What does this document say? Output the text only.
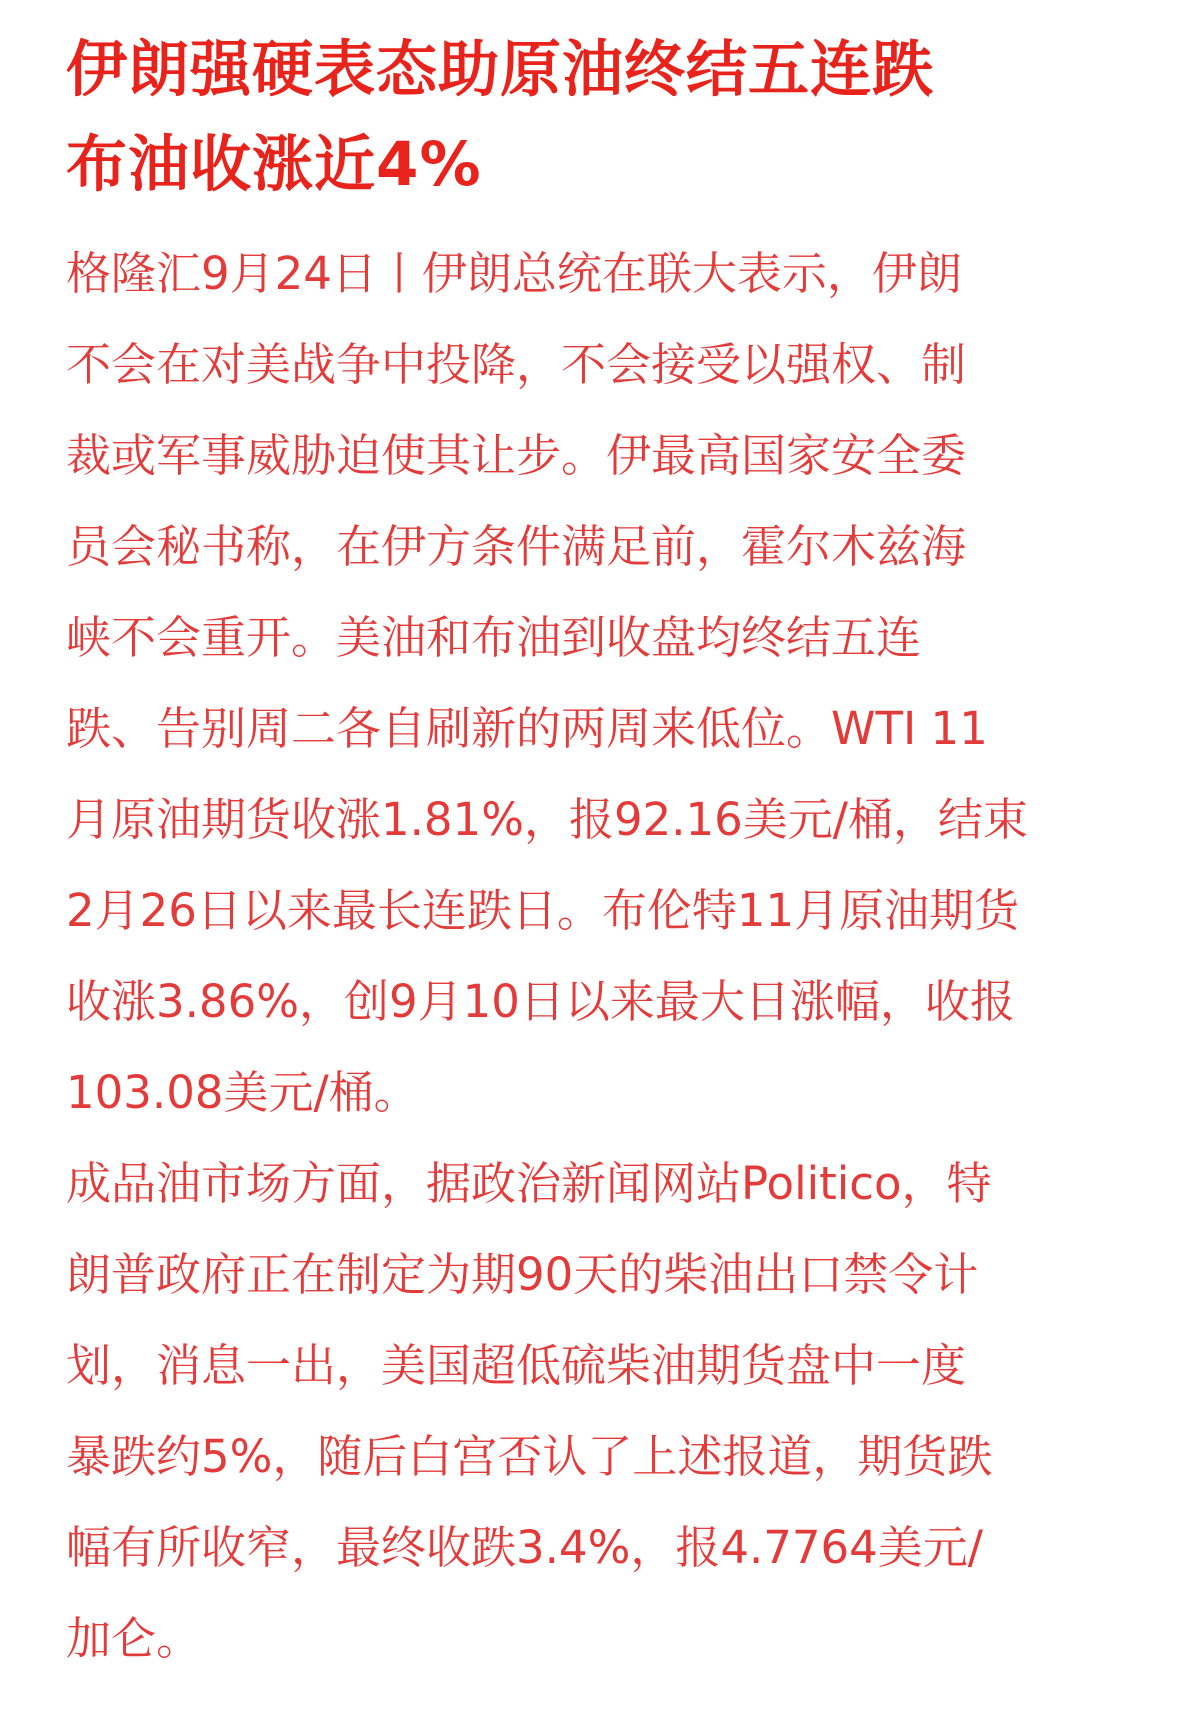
伊朗强硬表态助原油终结五连跌
布油收涨近4%

格隆汇9月24日丨伊朗总统在联大表示，伊朗
不会在对美战争中投降，不会接受以强权、制
裁或军事威胁迫使其让步。伊最高国家安全委
员会秘书称，在伊方条件满足前，霍尔木兹海
峡不会重开。美油和布油到收盘均终结五连
跌、告别周二各自刷新的两周来低位。WTI 11
月原油期货收涨1.81%，报92.16美元/桶，结束
2月26日以来最长连跌日。布伦特11月原油期货
收涨3.86%，创9月10日以来最大日涨幅，收报
103.08美元/桶。

成品油市场方面，据政治新闻网站Politico，特
朗普政府正在制定为期90天的柴油出口禁令计
划，消息一出，美国超低硫柴油期货盘中一度
暴跌约5%，随后白宫否认了上述报道，期货跌
幅有所收窄，最终收跌3.4%，报4.7764美元/
加仑。
